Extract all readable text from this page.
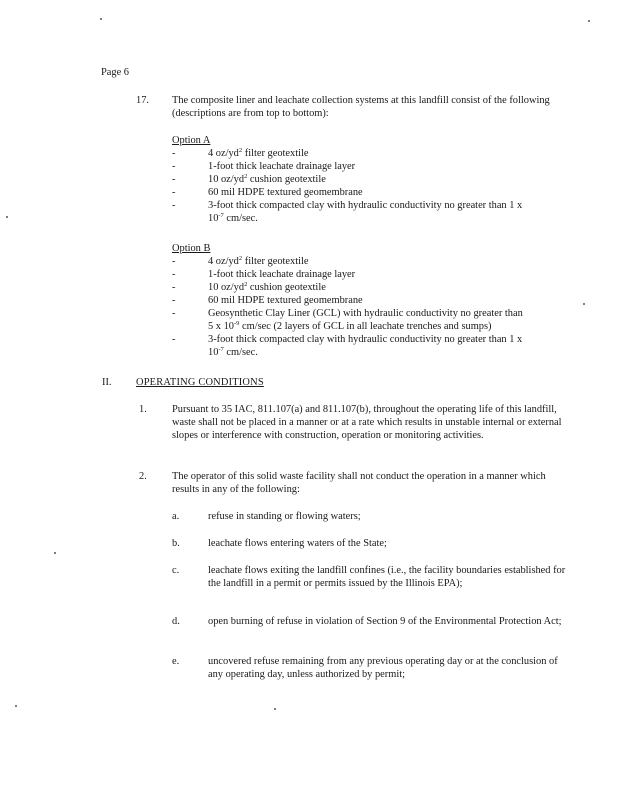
Page 6
17. The composite liner and leachate collection systems at this landfill consist of the following (descriptions are from top to bottom):
Option A
-	4 $oz/yd^2$ filter geotextile
-	1-foot thick leachate drainage layer
-	10 $oz/yd^2$ cushion geotextile
-	60 mil HDPE textured geomembrane
-	3-foot thick compacted clay with hydraulic conductivity no greater than 1 x
$10^{-7}$ cm/sec.
Option B
-	4 $oz/yd^2$ filter geotextile
-	1-foot thick leachate drainage layer
-	10 $oz/yd^2$ cushion geotextile
-	60 mil HDPE textured geomembrane
-	Geosynthetic Clay Liner (GCL) with hydraulic conductivity no greater than
5 x $10^{-9}$ cm/sec (2 layers of GCL in all leachate trenches and sumps)
-	3-foot thick compacted clay with hydraulic conductivity no greater than 1 x
$10^{-7}$ cm/sec.
II. OPERATING CONDITIONS
1. Pursuant to 35 IAC, 811.107(a) and 811.107(b), throughout the operating life of this landfill, waste shall not be placed in a manner or at a rate which results in unstable internal or external slopes or interference with construction, operation or monitoring activities.
2. The operator of this solid waste facility shall not conduct the operation in a manner which results in any of the following:
a.	refuse in standing or flowing waters;
b.	leachate flows entering waters of the State;
c.	leachate flows exiting the landfill confines (i.e., the facility boundaries established for the landfill in a permit or permits issued by the Illinois EPA);
d.	open burning of refuse in violation of Section 9 of the Environmental Protection Act;
e.	uncovered refuse remaining from any previous operating day or at the conclusion of any operating day, unless authorized by permit;
